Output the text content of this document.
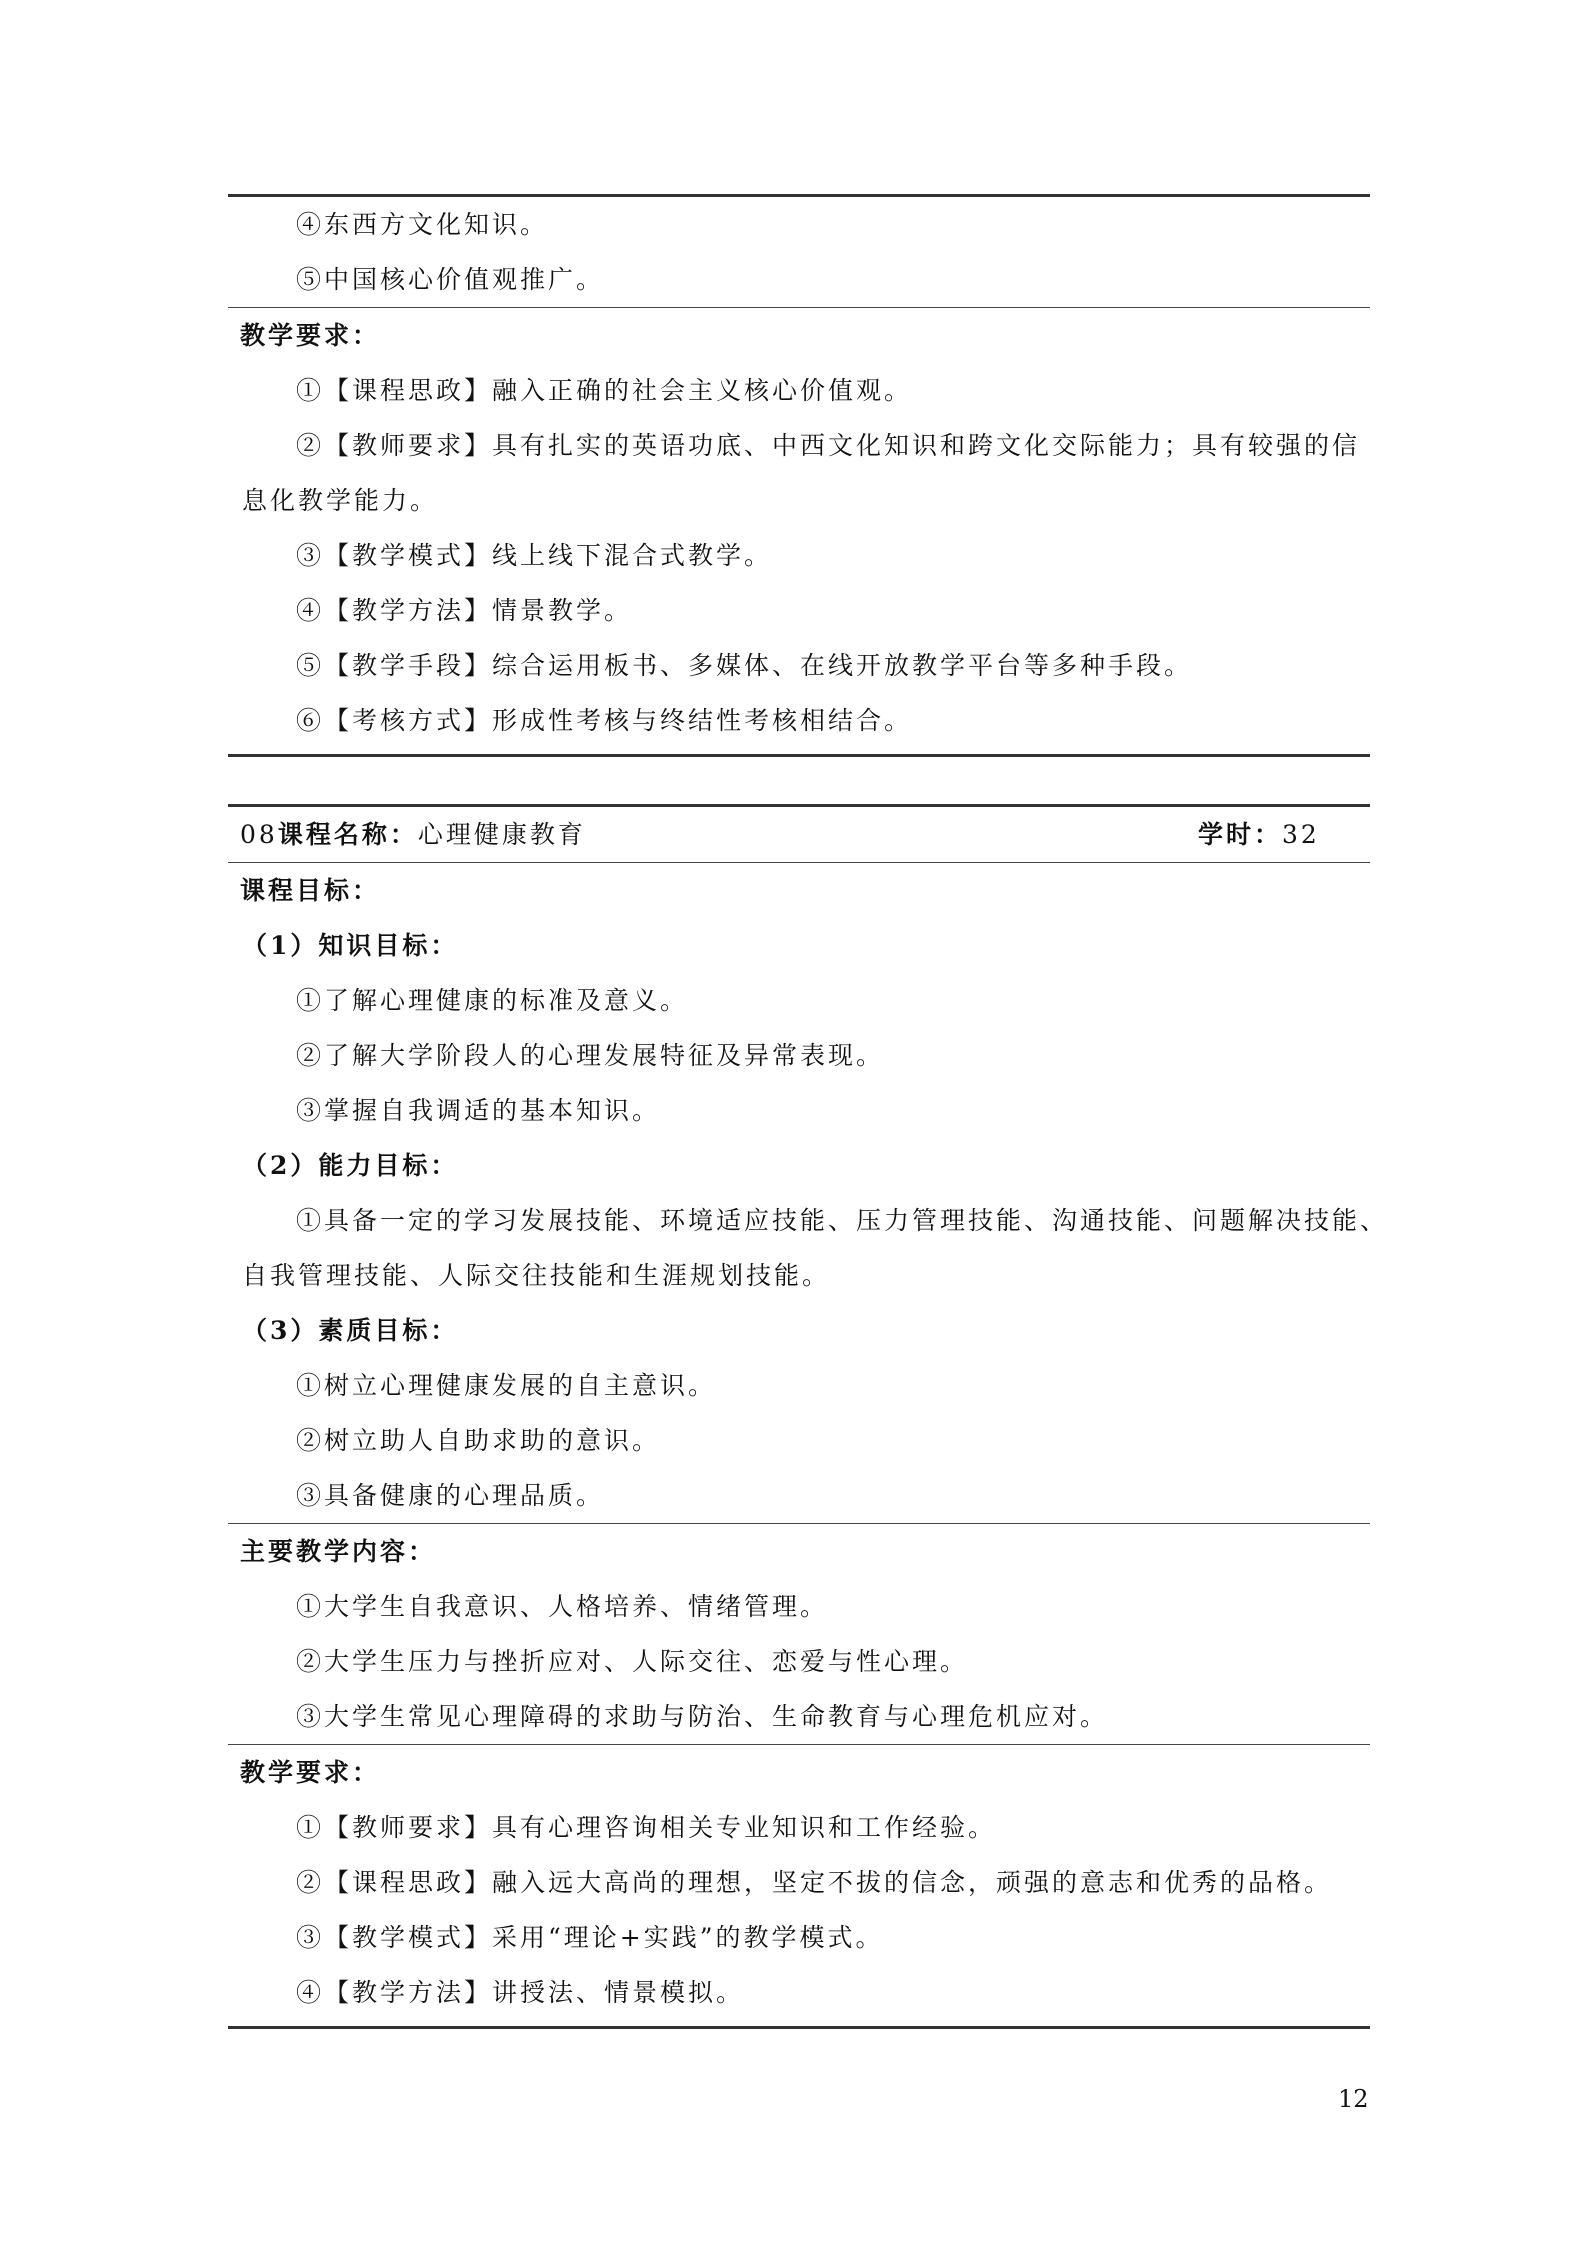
④东西方文化知识。
⑤中国核心价值观推广。
教学要求：
①【课程思政】融入正确的社会主义核心价值观。
②【教师要求】具有扎实的英语功底、中西文化知识和跨文化交际能力；具有较强的信
息化教学能力。
③【教学模式】线上线下混合式教学。
④【教学方法】情景教学。
⑤【教学手段】综合运用板书、多媒体、在线开放教学平台等多种手段。
⑥【考核方式】形成性考核与终结性考核相结合。
08课程名称：心理健康教育	学时：32
课程目标：
（1）知识目标：
①了解心理健康的标准及意义。
②了解大学阶段人的心理发展特征及异常表现。
③掌握自我调适的基本知识。
（2）能力目标：
①具备一定的学习发展技能、环境适应技能、压力管理技能、沟通技能、问题解决技能、
自我管理技能、人际交往技能和生涯规划技能。
（3）素质目标：
①树立心理健康发展的自主意识。
②树立助人自助求助的意识。
③具备健康的心理品质。
主要教学内容：
①大学生自我意识、人格培养、情绪管理。
②大学生压力与挫折应对、人际交往、恋爱与性心理。
③大学生常见心理障碍的求助与防治、生命教育与心理危机应对。
教学要求：
①【教师要求】具有心理咨询相关专业知识和工作经验。
②【课程思政】融入远大高尚的理想，坚定不拔的信念，顽强的意志和优秀的品格。
③【教学模式】采用“理论+实践”的教学模式。
④【教学方法】讲授法、情景模拟。
12
